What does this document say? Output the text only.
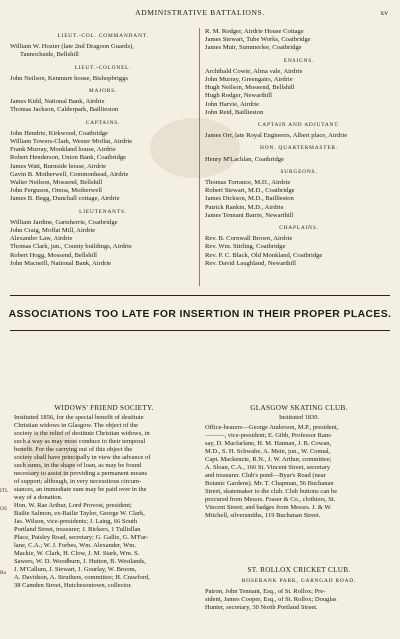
ADMINISTRATIVE BATTALIONS.	xv
LIEUT.-COL. COMMANDANT.
William W. Hozier (late 2nd Dragoon Guards),
Tannochside, Bellshill
LIEUT.-COLONEL.
John Neilson, Kenmure house, Bishopbriggs
MAJORS.
James Kidd, National Bank, Airdrie
Thomas Jackson, Calderpark, Baillieston
CAPTAINS.
John Hendrie, Kirkwood, Coatbridge
William Towers-Clark, Wester Moffat, Airdrie
Frank Murray, Monkland house, Airdrie
Robert Henderson, Union Bank, Coatbridge
James Watt, Burnside house, Airdrie
Gavin B. Motherwell, Commonhead, Airdrie
Walter Neilson, Mossend, Bellshill
John Ferguson, Omoa, Motherwell
James B. Begg, Dunchall cottage, Airdrie
LIEUTENANTS.
William Jardine, Gartsherrie, Coatbridge
John Craig, Moffat Mill, Airdrie
Alexander Law, Airdrie
Thomas Clark, jun., County buildings, Airdrie
Robert Hogg, Mossend, Bellshill
John Macneill, National Bank, Airdrie
R. M. Rodger, Airdrie House Cottage
James Stewart, Tube Works, Coatbridge
James Muir, Summerlee, Coatbridge
ENSIGNS.
Archibald Cowie, Alma vale, Airdrie
John Murray, Greengairs, Airdrie
Hugh Neilson, Mossend, Bellshill
Hugh Rodger, Newarthill
John Harvie, Airdrie
John Reid, Baillieston
CAPTAIN AND ADJUTANT.
James Orr, late Royal Engineers, Albert place, Airdrie
HON. QUARTERMASTER.
Henry M'Lachlan, Coatbridge
SURGEONS.
Thomas Torrance, M.D., Airdrie
Robert Stewart, M.D., Coatbridge
James Dickson, M.D., Baillieston
Patrick Rankin, M.D., Airdrie
James Tennant Barrie, Newarthill
CHAPLAINS.
Rev. B. Cornwall Brown, Airdrie
Rev. Wm. Stirling, Coatbridge
Rev. P. C. Black, Old Monkland, Coatbridge
Rev. David Laughland, Newarthill
ASSOCIATIONS TOO LATE FOR INSERTION IN THEIR PROPER PLACES.
WIDOWS' FRIEND SOCIETY.
Instituted 1856, for the special benefit of destitute
Christian widows in Glasgow. The object of the
society is the relief of destitute Christian widows, in
such a way as may most conduce to their temporal
benefit. For the carrying out of this object the
society shall have principally in view the advance of
such sums, in the shape of loan, as may be found
necessary to assist in providing a permanent means
of support; although, in very necessitous circum-
stances, an immediate sum may be paid over in the
way of a donation.
Hon. W. Rae Arthur, Lord Provost, president;
Bailie Salmon, ex-Bailie Taylor, George W. Clark,
Jas. Wilson, vice-presidents; J. Laing, 66 South
Portland Street, treasurer; J. Bickers, 1 Tullisllan
Place, Paisley Road, secretary; G. Gallie, G. M'Far-
lane, C.A.; W. J. Forbes, Wm. Alexander, Wm.
Mackie, W. Clark, H. Clow, J. M. Stark, Wm. S.
Sawers, W. D. Woodburn, J. Hutton, B. Westlands,
J. M'Callum, J. Stewart, J. Gourlay, W. Broom,
A. Davidson, A. Struthers, committee; H. Crawford,
38 Camden Street, Hutchesontown, collector.
GLASGOW SKATING CLUB.
Instituted 1830.
Office-bearers—George Anderson, M.P., president,
———, vice-president; E. Gibb, Professor Ram-
say, D. Macfarlane, H. M. Hannan, J. B. Cowan,
M.D., S. H. Schwabe, A. Mein, jun., W. Connal,
Capt. Mackenzie, R.N., J. W. Arthur, committee;
A. Sloan, C.A., 166 St. Vincent Street, secretary
and treasurer. Club's pond—Byar's Road (near
Botanic Gardens). Mr. T. Chapman, 56 Buchanan
Street, skatemaker to the club. Club buttons can be
procured from Messrs. Fraser & Co., clothiers, St.
Vincent Street; and badges from Messrs. J. & W.
Mitchell, silversmiths, 119 Buchanan Street.
ST. ROLLOX CRICKET CLUB.
ROSEBANK PARK, GARNGAD ROAD.
Patron, John Tennant, Esq., of St. Rollox; Pre-
sident, James Cooper, Esq., of St. Rollox; Douglas
Hunter, secretary, 30 North Portland Street.
ITL
OS
Ro
